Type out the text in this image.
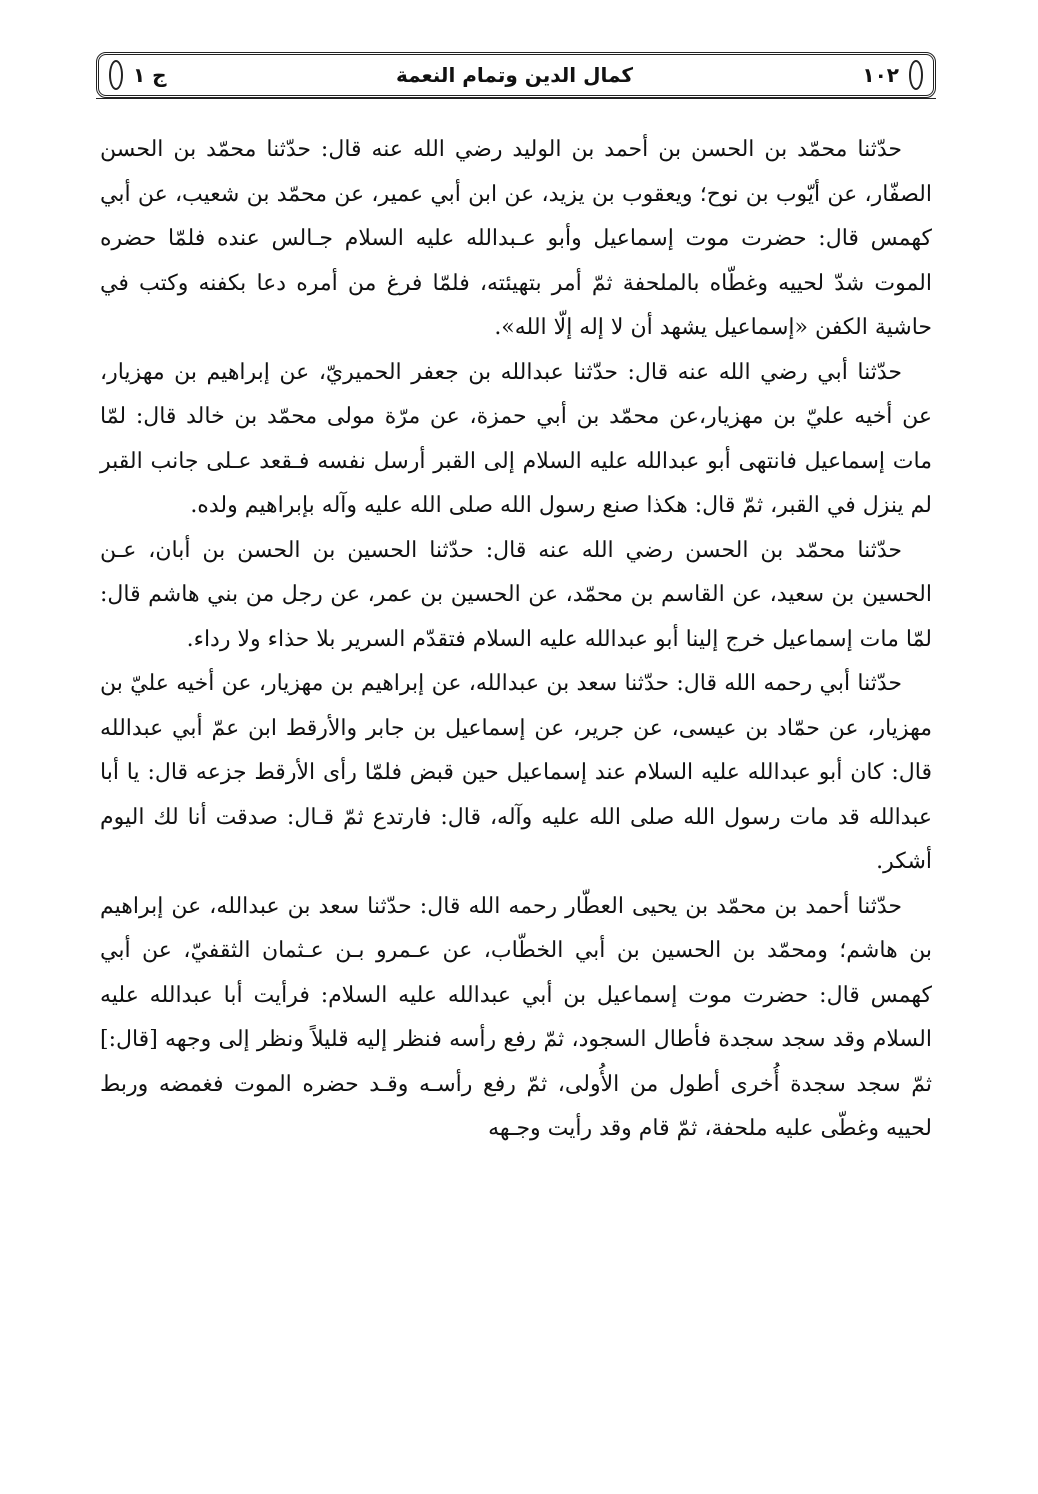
١٠٢
كمال الدين وتمام النعمة
ج ١

حدّثنا محمّد بن الحسن بن أحمد بن الوليد رضي الله عنه قال: حدّثنا محمّد بن الحسن الصفّار، عن أيّوب بن نوح؛ ويعقوب بن يزيد، عن ابن أبي عمير، عن محمّد بن شعيب، عن أبي كهمس قال: حضرت موت إسماعيل وأبو عـبدالله عليه السلام جـالس عنده فلمّا حضره الموت شدّ لحييه وغطّاه بالملحفة ثمّ أمر بتهيئته، فلمّا فرغ من أمره دعا بكفنه وكتب في حاشية الكفن «إسماعيل يشهد أن لا إله إلّا الله».

حدّثنا أبي رضي الله عنه قال: حدّثنا عبدالله بن جعفر الحميريّ، عن إبراهيم بن مهزيار، عن أخيه عليّ بن مهزيار،عن محمّد بن أبي حمزة، عن مرّة مولى محمّد بن خالد قال: لمّا مات إسماعيل فانتهى أبو عبدالله عليه السلام إلى القبر أرسل نفسه فـقعد عـلى جانب القبر لم ينزل في القبر، ثمّ قال: هكذا صنع رسول الله صلى الله عليه وآله بإبراهيم ولده.

حدّثنا محمّد بن الحسن رضي الله عنه قال: حدّثنا الحسين بن الحسن بن أبان، عـن الحسين بن سعيد، عن القاسم بن محمّد، عن الحسين بن عمر، عن رجل من بني هاشم قال: لمّا مات إسماعيل خرج إلينا أبو عبدالله عليه السلام فتقدّم السرير بلا حذاء ولا رداء.

حدّثنا أبي رحمه الله قال: حدّثنا سعد بن عبدالله، عن إبراهيم بن مهزيار، عن أخيه عليّ بن مهزيار، عن حمّاد بن عيسى، عن جرير، عن إسماعيل بن جابر والأرقط ابن عمّ أبي عبدالله قال: كان أبو عبدالله عليه السلام عند إسماعيل حين قبض فلمّا رأى الأرقط جزعه قال: يا أبا عبدالله قد مات رسول الله صلى الله عليه وآله، قال: فارتدع ثمّ قـال: صدقت أنا لك اليوم أشكر.

حدّثنا أحمد بن محمّد بن يحيى العطّار رحمه الله قال: حدّثنا سعد بن عبدالله، عن إبراهيم بن هاشم؛ ومحمّد بن الحسين بن أبي الخطّاب، عن عـمرو بـن عـثمان الثقفيّ، عن أبي كهمس قال: حضرت موت إسماعيل بن أبي عبدالله عليه السلام: فرأيت أبا عبدالله عليه السلام وقد سجد سجدة فأطال السجود، ثمّ رفع رأسه فنظر إليه قليلاً ونظر إلى وجهه [قال:] ثمّ سجد سجدة أُخرى أطول من الأُولى، ثمّ رفع رأسـه وقـد حضره الموت فغمضه وربط لحييه وغطّى عليه ملحفة، ثمّ قام وقد رأيت وجـهه
